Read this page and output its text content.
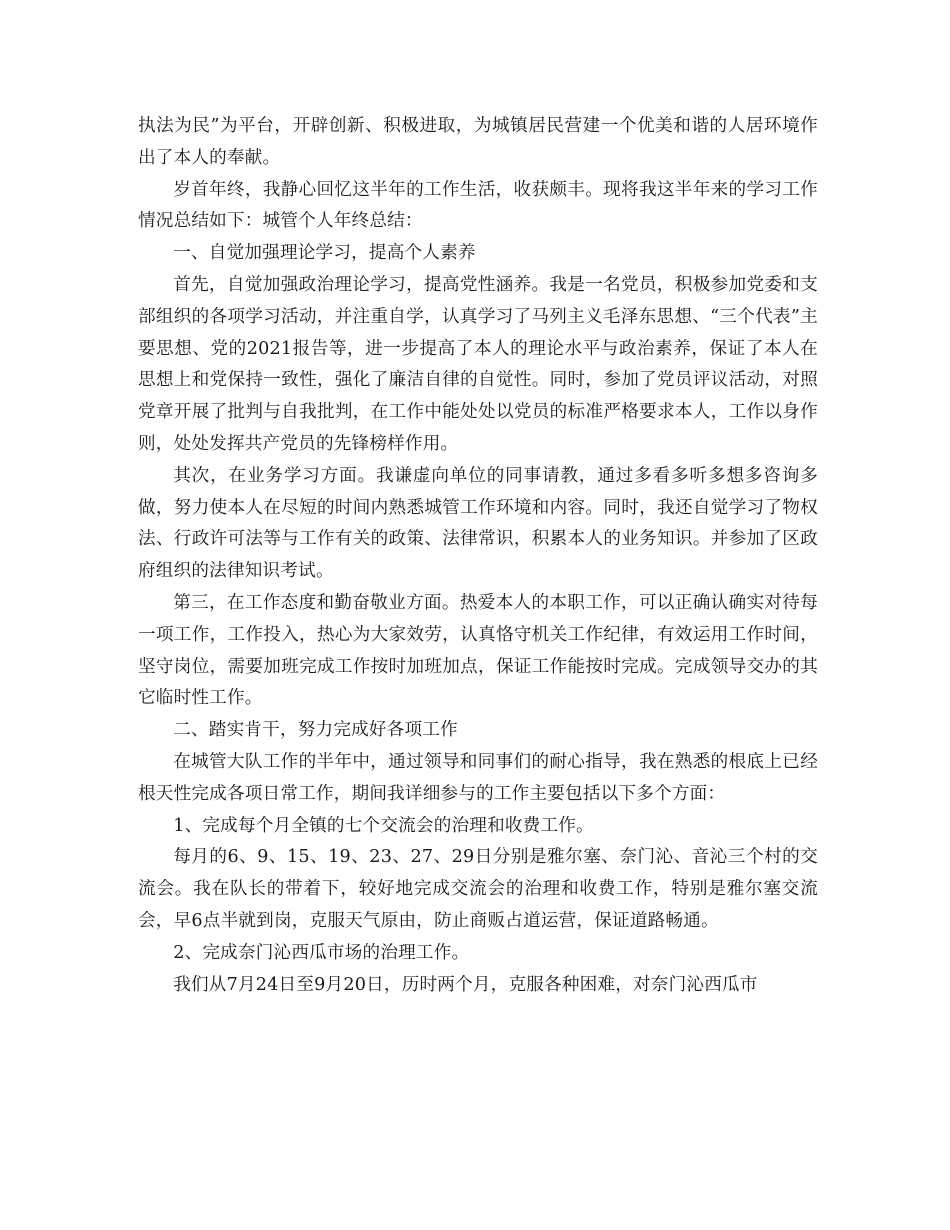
执法为民”为平台，开辟创新、积极进取，为城镇居民营建一个优美和谐的人居环境作出了本人的奉献。

岁首年终，我静心回忆这半年的工作生活，收获颇丰。现将我这半年来的学习工作情况总结如下：城管个人年终总结：

一、自觉加强理论学习，提高个人素养

首先，自觉加强政治理论学习，提高党性涵养。我是一名党员，积极参加党委和支部组织的各项学习活动，并注重自学，认真学习了马列主义毛泽东思想、“三个代表”主要思想、党的2021报告等，进一步提高了本人的理论水平与政治素养，保证了本人在思想上和党保持一致性，强化了廉洁自律的自觉性。同时，参加了党员评议活动，对照党章开展了批判与自我批判，在工作中能处处以党员的标准严格要求本人，工作以身作则，处处发挥共产党员的先锋榜样作用。

其次，在业务学习方面。我谦虚向单位的同事请教，通过多看多听多想多咨询多做，努力使本人在尽短的时间内熟悉城管工作环境和内容。同时，我还自觉学习了物权法、行政许可法等与工作有关的政策、法律常识，积累本人的业务知识。并参加了区政府组织的法律知识考试。

第三，在工作态度和勤奋敬业方面。热爱本人的本职工作，可以正确认确实对待每一项工作，工作投入，热心为大家效劳，认真恪守机关工作纪律，有效运用工作时间，坚守岗位，需要加班完成工作按时加班加点，保证工作能按时完成。完成领导交办的其它临时性工作。

二、踏实肯干，努力完成好各项工作

在城管大队工作的半年中，通过领导和同事们的耐心指导，我在熟悉的根底上已经根天性完成各项日常工作，期间我详细参与的工作主要包括以下多个方面：

1、完成每个月全镇的七个交流会的治理和收费工作。

每月的6、9、15、19、23、27、29日分别是雅尔塞、奈门沁、音沁三个村的交流会。我在队长的带着下，较好地完成交流会的治理和收费工作，特别是雅尔塞交流会，早6点半就到岗，克服天气原由，防止商贩占道运营，保证道路畅通。

2、完成奈门沁西瓜市场的治理工作。

我们从7月24日至9月20日，历时两个月，克服各种困难，对奈门沁西瓜市
